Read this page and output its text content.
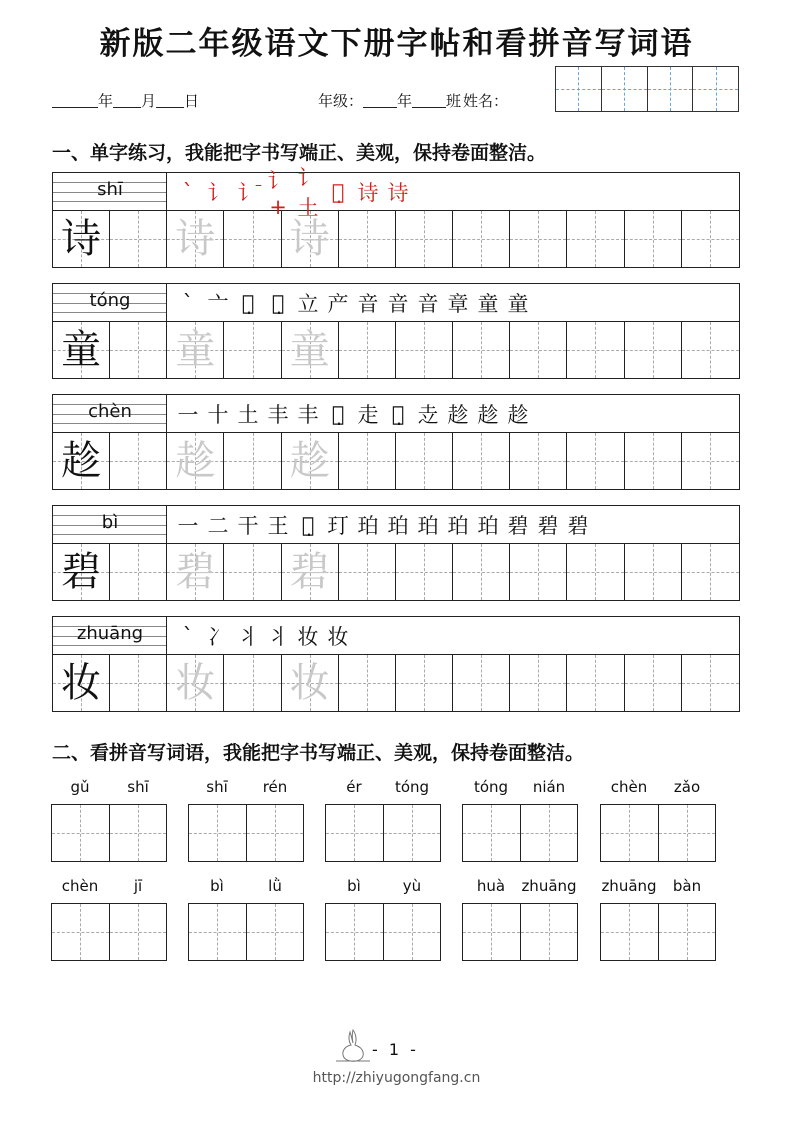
新版二年级语文下册字帖和看拼音写词语
年 月 日	年级： 年 班 姓名：
一、单字练习，我能把字书写端正、美观，保持卷面整洁。
shī	` 讠 讠̄ 讠+
讠土
诗̣ 诗 诗
诗 诗 诗
tóng	` 亠 亠̣ 立̣ 立 产 音 音 音 章 童 童
童 童 童
chèn	一 十 土 丰 丰 走̣ 走 走̣ 赱 趁 趁 趁
趁 趁 趁
bì	一 二 干 王 王̣ 玎 珀 珀 珀 珀 珀 碧 碧 碧
碧 碧 碧
zhuāng	` 冫 丬 丬 妆 妆
妆 妆 妆
二、看拼音写词语，我能把字书写端正、美观，保持卷面整洁。
gǔ	shī	shī	rén	ér	tóng	tóng	nián	chèn	zǎo
chèn	jī	bì	lǜ	bì	yù	huà	zhuāng zhuāng	bàn
- 1 -
http://zhiyugongfang.cn
